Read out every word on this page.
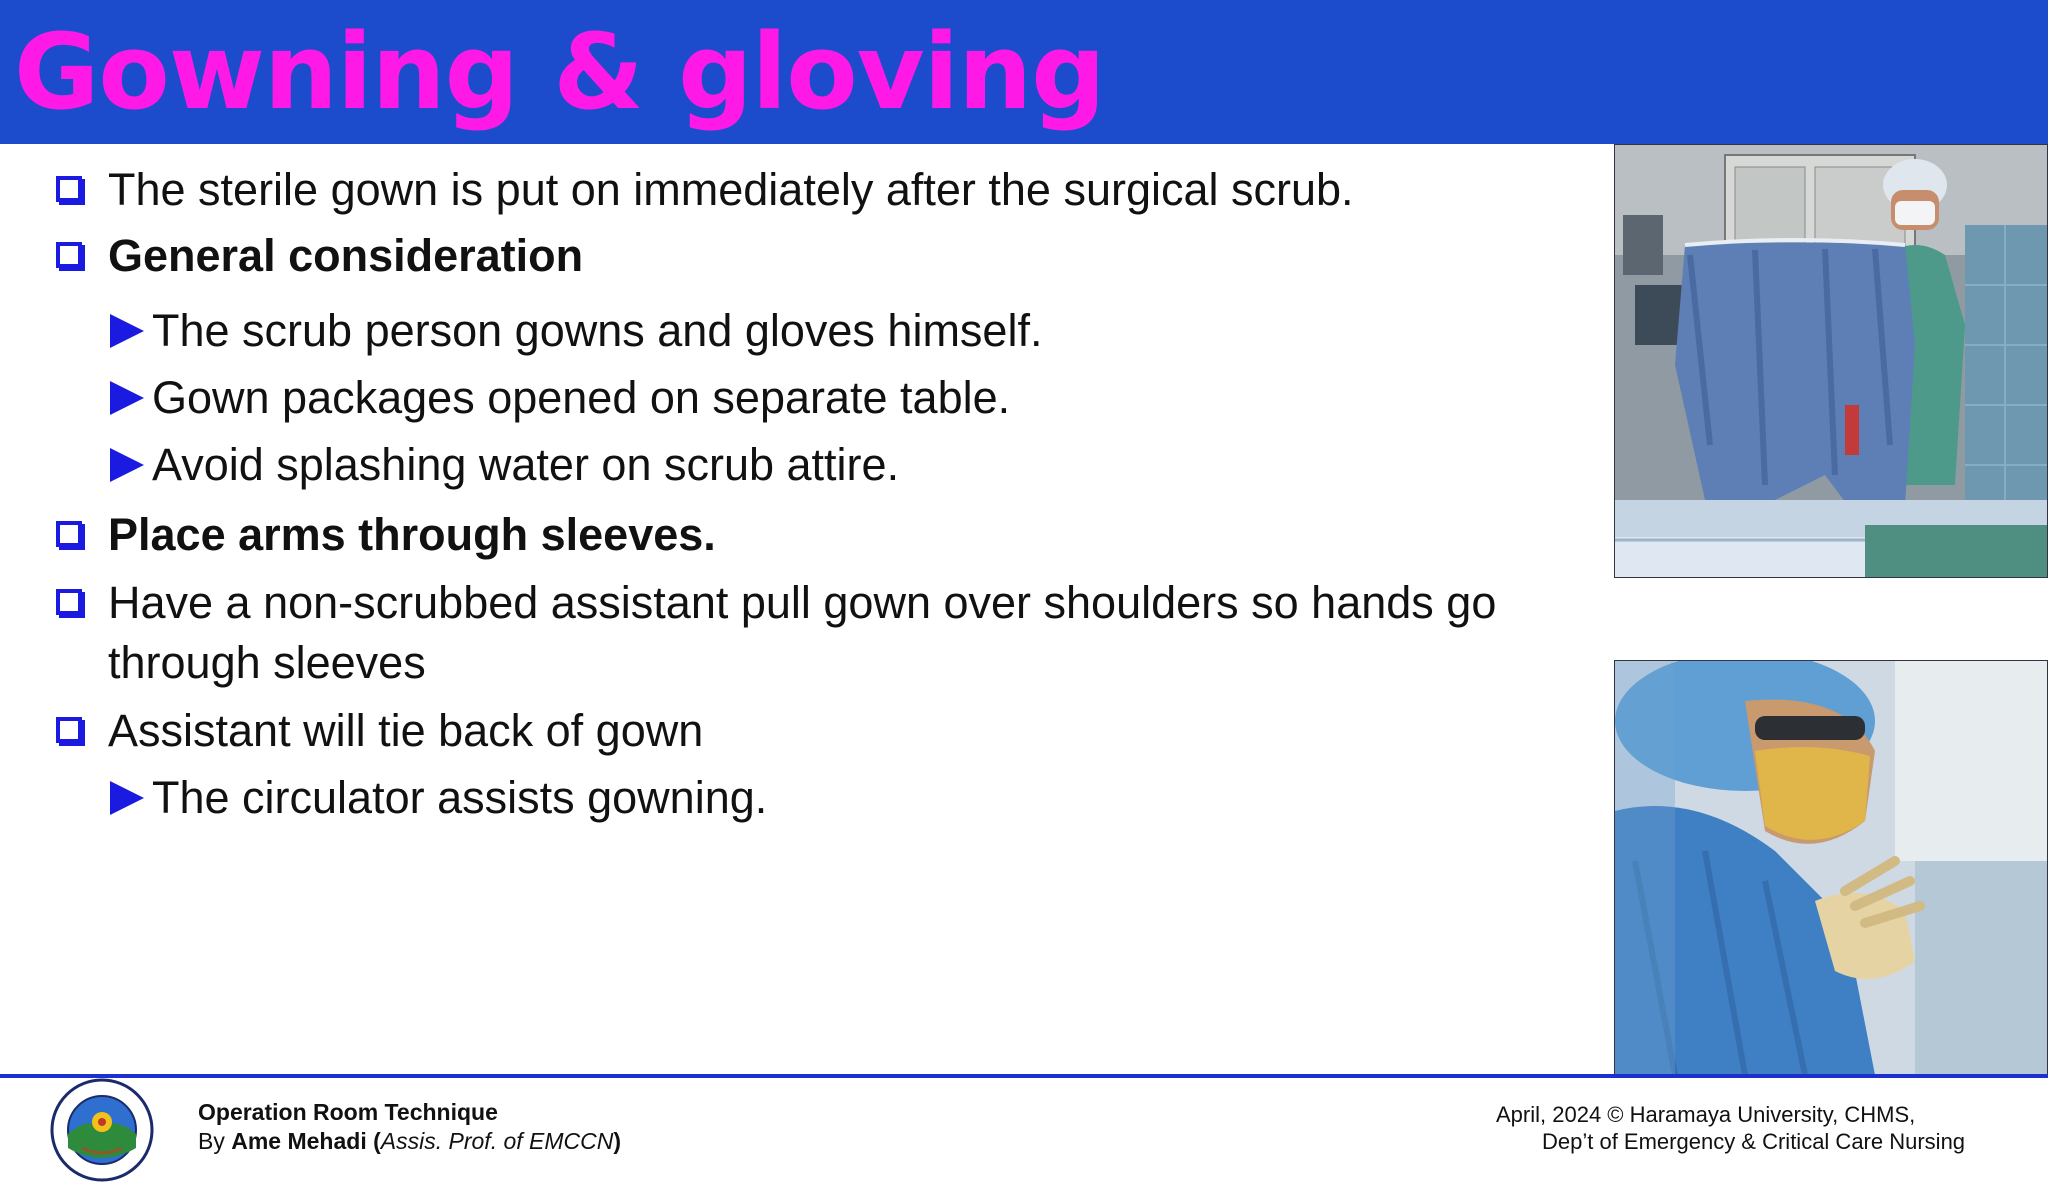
Gowning & gloving
The sterile gown is put on immediately after the surgical scrub.
General consideration
The scrub person gowns and gloves himself.
Gown packages opened on separate table.
Avoid splashing water on scrub attire.
Place arms through sleeves.
Have a non-scrubbed assistant pull gown over shoulders so hands go
through sleeves
Assistant will tie back of gown
The circulator assists gowning.
Operation Room Technique
By Ame Mehadi (Assis. Prof. of EMCCN)
April, 2024 © Haramaya University, CHMS,
Dep’t of Emergency & Critical Care Nursing
